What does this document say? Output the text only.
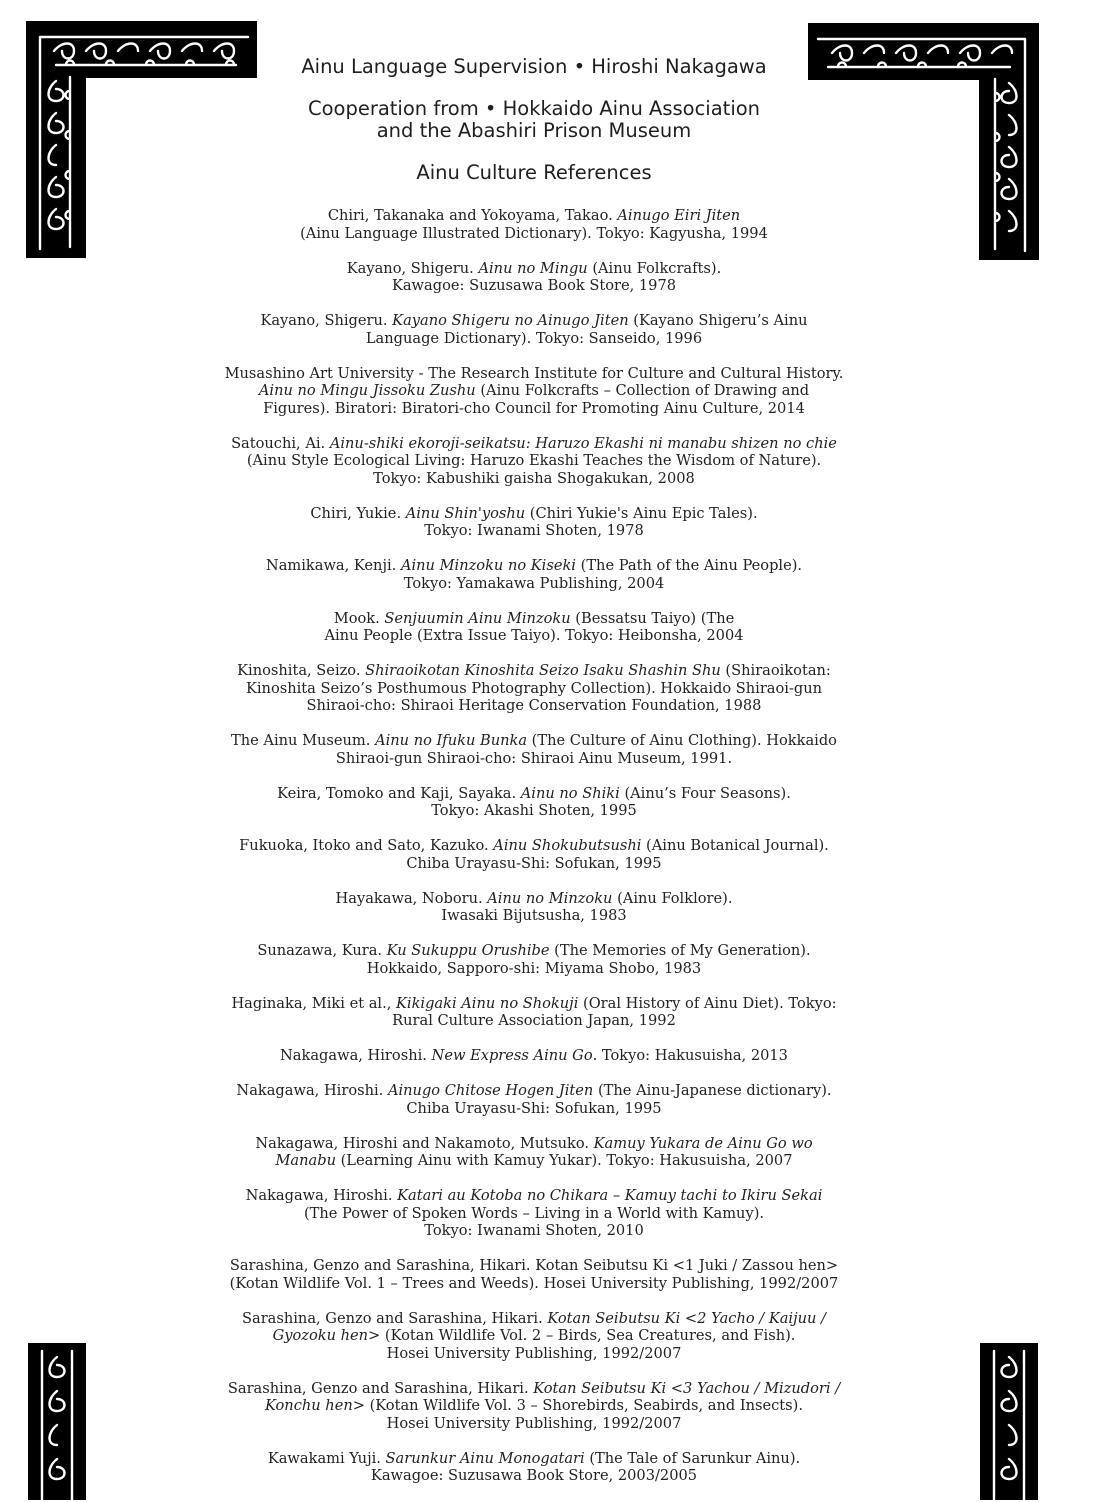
Ainu Language Supervision • Hiroshi Nakagawa
Cooperation from • Hokkaido Ainu Association
and the Abashiri Prison Museum
Ainu Culture References
Chiri, Takanaka and Yokoyama, Takao. Ainugo Eiri Jiten
(Ainu Language Illustrated Dictionary). Tokyo: Kagyusha, 1994
Kayano, Shigeru. Ainu no Mingu (Ainu Folkcrafts).
Kawagoe: Suzusawa Book Store, 1978
Kayano, Shigeru. Kayano Shigeru no Ainugo Jiten (Kayano Shigeru’s Ainu
Language Dictionary). Tokyo: Sanseido, 1996
Musashino Art University - The Research Institute for Culture and Cultural History.
Ainu no Mingu Jissoku Zushu (Ainu Folkcrafts – Collection of Drawing and
Figures). Biratori: Biratori-cho Council for Promoting Ainu Culture, 2014
Satouchi, Ai. Ainu-shiki ekoroji-seikatsu: Haruzo Ekashi ni manabu shizen no chie
(Ainu Style Ecological Living: Haruzo Ekashi Teaches the Wisdom of Nature).
Tokyo: Kabushiki gaisha Shogakukan, 2008
Chiri, Yukie. Ainu Shin'yoshu (Chiri Yukie's Ainu Epic Tales).
Tokyo: Iwanami Shoten, 1978
Namikawa, Kenji. Ainu Minzoku no Kiseki (The Path of the Ainu People).
Tokyo: Yamakawa Publishing, 2004
Mook. Senjuumin Ainu Minzoku (Bessatsu Taiyo) (The
Ainu People (Extra Issue Taiyo). Tokyo: Heibonsha, 2004
Kinoshita, Seizo. Shiraoikotan Kinoshita Seizo Isaku Shashin Shu (Shiraoikotan:
Kinoshita Seizo’s Posthumous Photography Collection). Hokkaido Shiraoi-gun
Shiraoi-cho: Shiraoi Heritage Conservation Foundation, 1988
The Ainu Museum. Ainu no Ifuku Bunka (The Culture of Ainu Clothing). Hokkaido
Shiraoi-gun Shiraoi-cho: Shiraoi Ainu Museum, 1991.
Keira, Tomoko and Kaji, Sayaka. Ainu no Shiki (Ainu’s Four Seasons).
Tokyo: Akashi Shoten, 1995
Fukuoka, Itoko and Sato, Kazuko. Ainu Shokubutsushi (Ainu Botanical Journal).
Chiba Urayasu-Shi: Sofukan, 1995
Hayakawa, Noboru. Ainu no Minzoku (Ainu Folklore).
Iwasaki Bijutsusha, 1983
Sunazawa, Kura. Ku Sukuppu Orushibe (The Memories of My Generation).
Hokkaido, Sapporo-shi: Miyama Shobo, 1983
Haginaka, Miki et al., Kikigaki Ainu no Shokuji (Oral History of Ainu Diet). Tokyo:
Rural Culture Association Japan, 1992
Nakagawa, Hiroshi. New Express Ainu Go. Tokyo: Hakusuisha, 2013
Nakagawa, Hiroshi. Ainugo Chitose Hogen Jiten (The Ainu-Japanese dictionary).
Chiba Urayasu-Shi: Sofukan, 1995
Nakagawa, Hiroshi and Nakamoto, Mutsuko. Kamuy Yukara de Ainu Go wo
Manabu (Learning Ainu with Kamuy Yukar). Tokyo: Hakusuisha, 2007
Nakagawa, Hiroshi. Katari au Kotoba no Chikara – Kamuy tachi to Ikiru Sekai
(The Power of Spoken Words – Living in a World with Kamuy).
Tokyo: Iwanami Shoten, 2010
Sarashina, Genzo and Sarashina, Hikari. Kotan Seibutsu Ki <1 Juki / Zassou hen>
(Kotan Wildlife Vol. 1 – Trees and Weeds). Hosei University Publishing, 1992/2007
Sarashina, Genzo and Sarashina, Hikari. Kotan Seibutsu Ki <2 Yacho / Kaijuu /
Gyozoku hen> (Kotan Wildlife Vol. 2 – Birds, Sea Creatures, and Fish).
Hosei University Publishing, 1992/2007
Sarashina, Genzo and Sarashina, Hikari. Kotan Seibutsu Ki <3 Yachou / Mizudori /
Konchu hen> (Kotan Wildlife Vol. 3 – Shorebirds, Seabirds, and Insects).
Hosei University Publishing, 1992/2007
Kawakami Yuji. Sarunkur Ainu Monogatari (The Tale of Sarunkur Ainu).
Kawagoe: Suzusawa Book Store, 2003/2005
